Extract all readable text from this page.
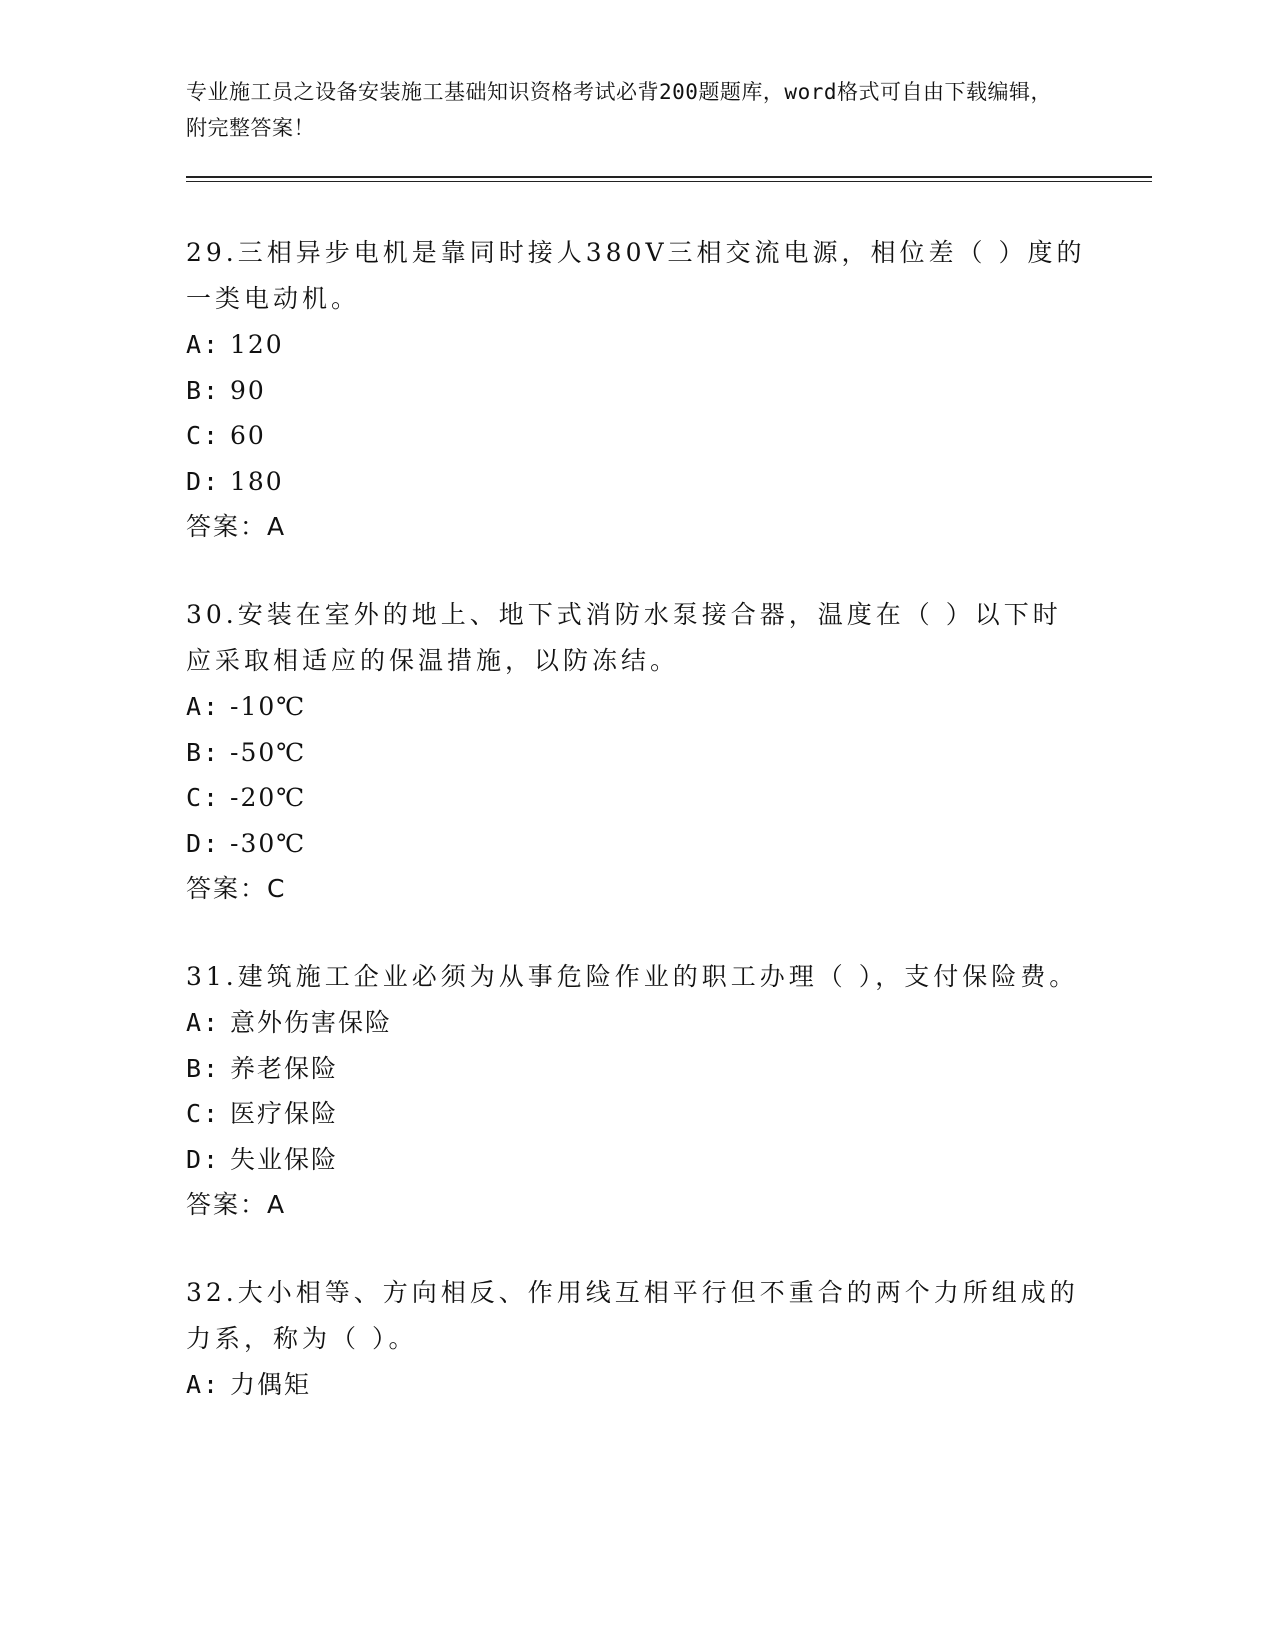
专业施工员之设备安装施工基础知识资格考试必背200题题库，word格式可自由下载编辑，附完整答案！

29.三相异步电机是靠同时接人380V三相交流电源，相位差（ ）度的一类电动机。

A: 120
B: 90
C: 60
D: 180

答案：A

30.安装在室外的地上、地下式消防水泵接合器，温度在（ ）以下时应采取相适应的保温措施，以防冻结。

A: -10℃
B: -50℃
C: -20℃
D: -30℃

答案：C

31.建筑施工企业必须为从事危险作业的职工办理（ ），支付保险费。

A: 意外伤害保险
B: 养老保险
C: 医疗保险
D: 失业保险

答案：A

32.大小相等、方向相反、作用线互相平行但不重合的两个力所组成的力系，称为（ ）。

A: 力偶矩
